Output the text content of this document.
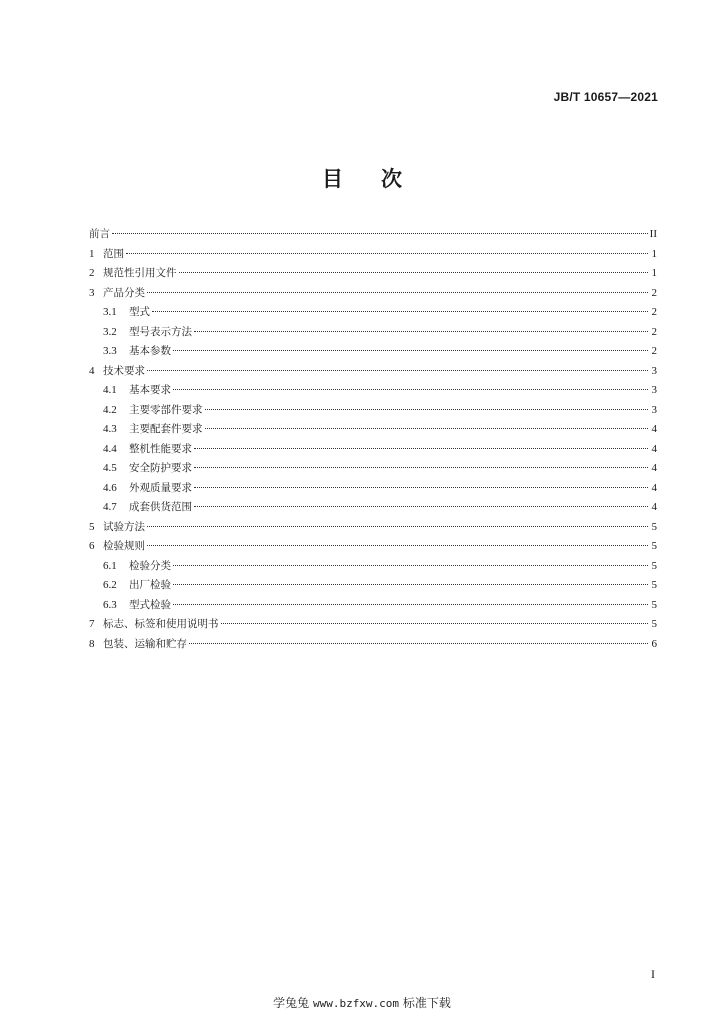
JB/T 10657—2021
目 次
前言	II
1 范围	1
2 规范性引用文件	1
3 产品分类	2
3.1	型式	2
3.2	型号表示方法	2
3.3	基本参数	2
4 技术要求	3
4.1	基本要求	3
4.2	主要零部件要求	3
4.3	主要配套件要求	4
4.4	整机性能要求	4
4.5	安全防护要求	4
4.6	外观质量要求	4
4.7	成套供货范围	4
5 试验方法	5
6 检验规则	5
6.1	检验分类	5
6.2	出厂检验	5
6.3	型式检验	5
7 标志、标签和使用说明书	5
8 包装、运输和贮存	6
I
学兔兔 www.bzfxw.com 标准下载
